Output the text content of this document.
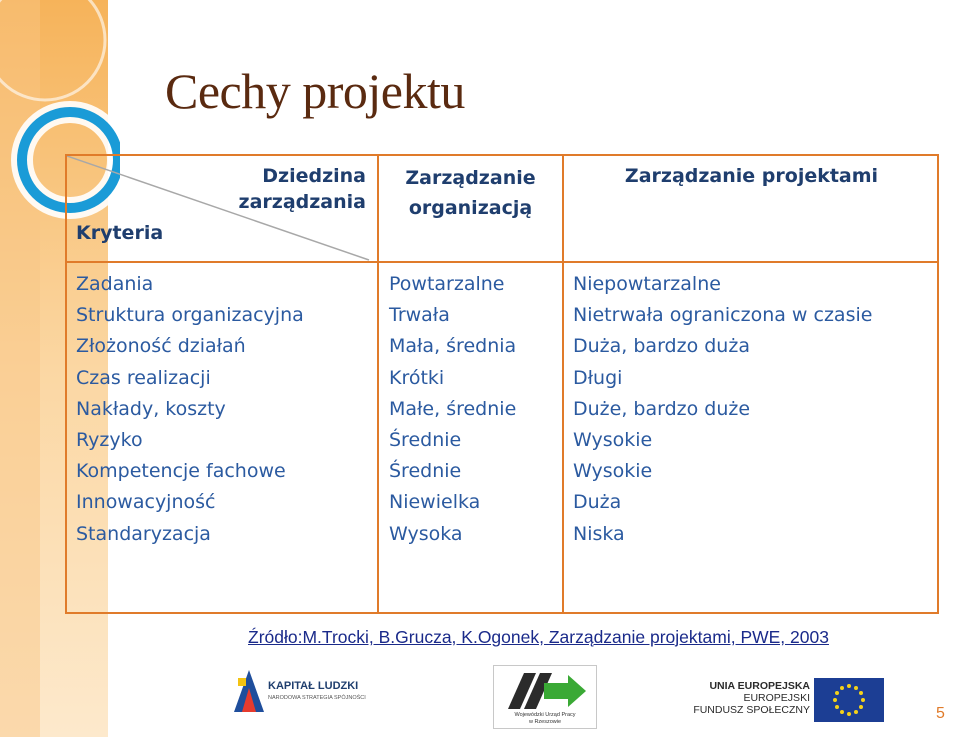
Cechy projektu
Dziedzina
zarządzania
Kryteria
Zarządzanie
organizacją
Zarządzanie projektami
Zadania
Struktura organizacyjna
Złożoność działań
Czas realizacji
Nakłady, koszty
Ryzyko
Kompetencje fachowe
Innowacyjność
Standaryzacja
Powtarzalne
Trwała
Mała, średnia
Krótki
Małe, średnie
Średnie
Średnie
Niewielka
Wysoka
Niepowtarzalne
Nietrwała ograniczona w czasie
Duża, bardzo duża
Długi
Duże, bardzo duże
Wysokie
Wysokie
Duża
Niska
Źródło:M.Trocki, B.Grucza, K.Ogonek, Zarządzanie projektami, PWE, 2003
KAPITAŁ LUDZKI
NARODOWA STRATEGIA SPÓJNOŚCI
Wojewódzki Urząd Pracy
w Rzeszowie
UNIA EUROPEJSKA
EUROPEJSKI
FUNDUSZ SPOŁECZNY	5
